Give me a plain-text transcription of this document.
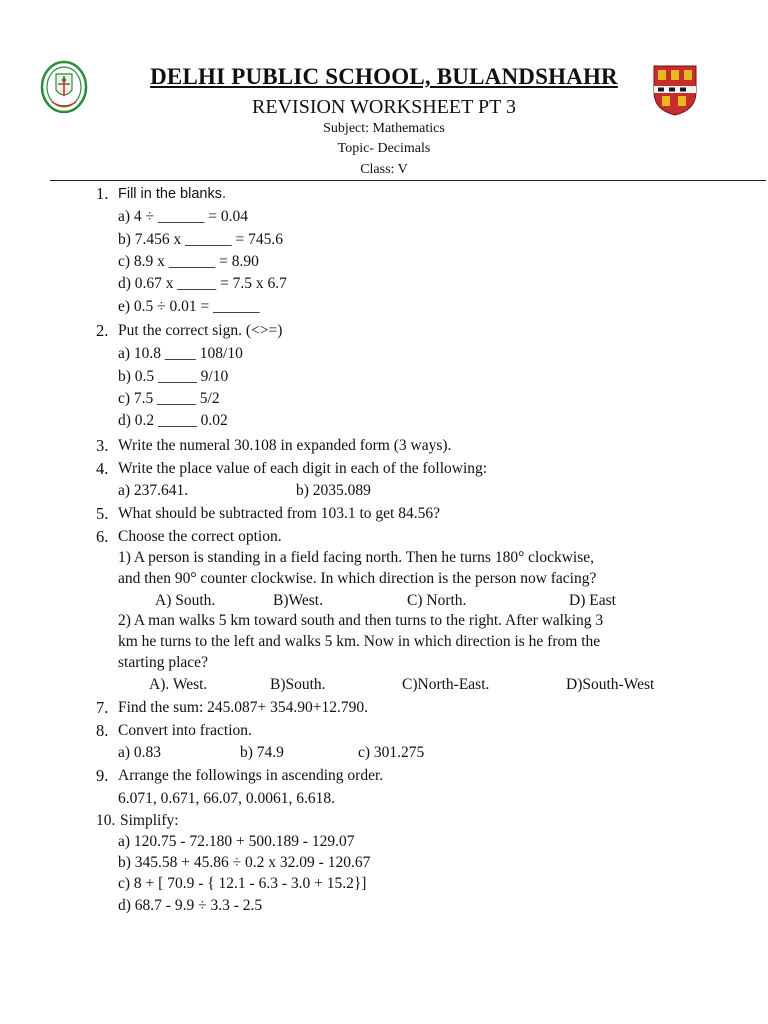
DELHI PUBLIC SCHOOL, BULANDSHAHR
REVISION WORKSHEET PT 3
Subject: Mathematics
Topic- Decimals
Class: V
1. Fill in the blanks.
a) 4 ÷ ______ = 0.04
b) 7.456 x ______ = 745.6
c) 8.9 x ______ = 8.90
d) 0.67 x _____ = 7.5 x 6.7
e) 0.5 ÷ 0.01 = ______
2. Put the correct sign. (<>=)
a) 10.8 ____ 108/10
b) 0.5 _____ 9/10
c) 7.5 _____ 5/2
d) 0.2 _____ 0.02
3. Write the numeral 30.108 in expanded form (3 ways).
4. Write the place value of each digit in each of the following:
a) 237.641.	b) 2035.089
5. What should be subtracted from 103.1 to get 84.56?
6. Choose the correct option.
1) A person is standing in a field facing north. Then he turns 180° clockwise,
and then 90° counter clockwise. In which direction is the person now facing?
A) South.	B)West.	C) North.	D) East
2) A man walks 5 km toward south and then turns to the right. After walking 3
km he turns to the left and walks 5 km. Now in which direction is he from the
starting place?
A). West.	B)South.	C)North-East.	D)South-West
7. Find the sum: 245.087+ 354.90+12.790.
8. Convert into fraction.
a) 0.83	b) 74.9	c) 301.275
9. Arrange the followings in ascending order.
6.071, 0.671, 66.07, 0.0061, 6.618.
10. Simplify:
a) 120.75 - 72.180 + 500.189 - 129.07
b) 345.58 + 45.86 ÷ 0.2 x 32.09 - 120.67
c) 8 + [ 70.9 - { 12.1 - 6.3 - 3.0 + 15.2}]
d) 68.7 - 9.9 ÷ 3.3 - 2.5
